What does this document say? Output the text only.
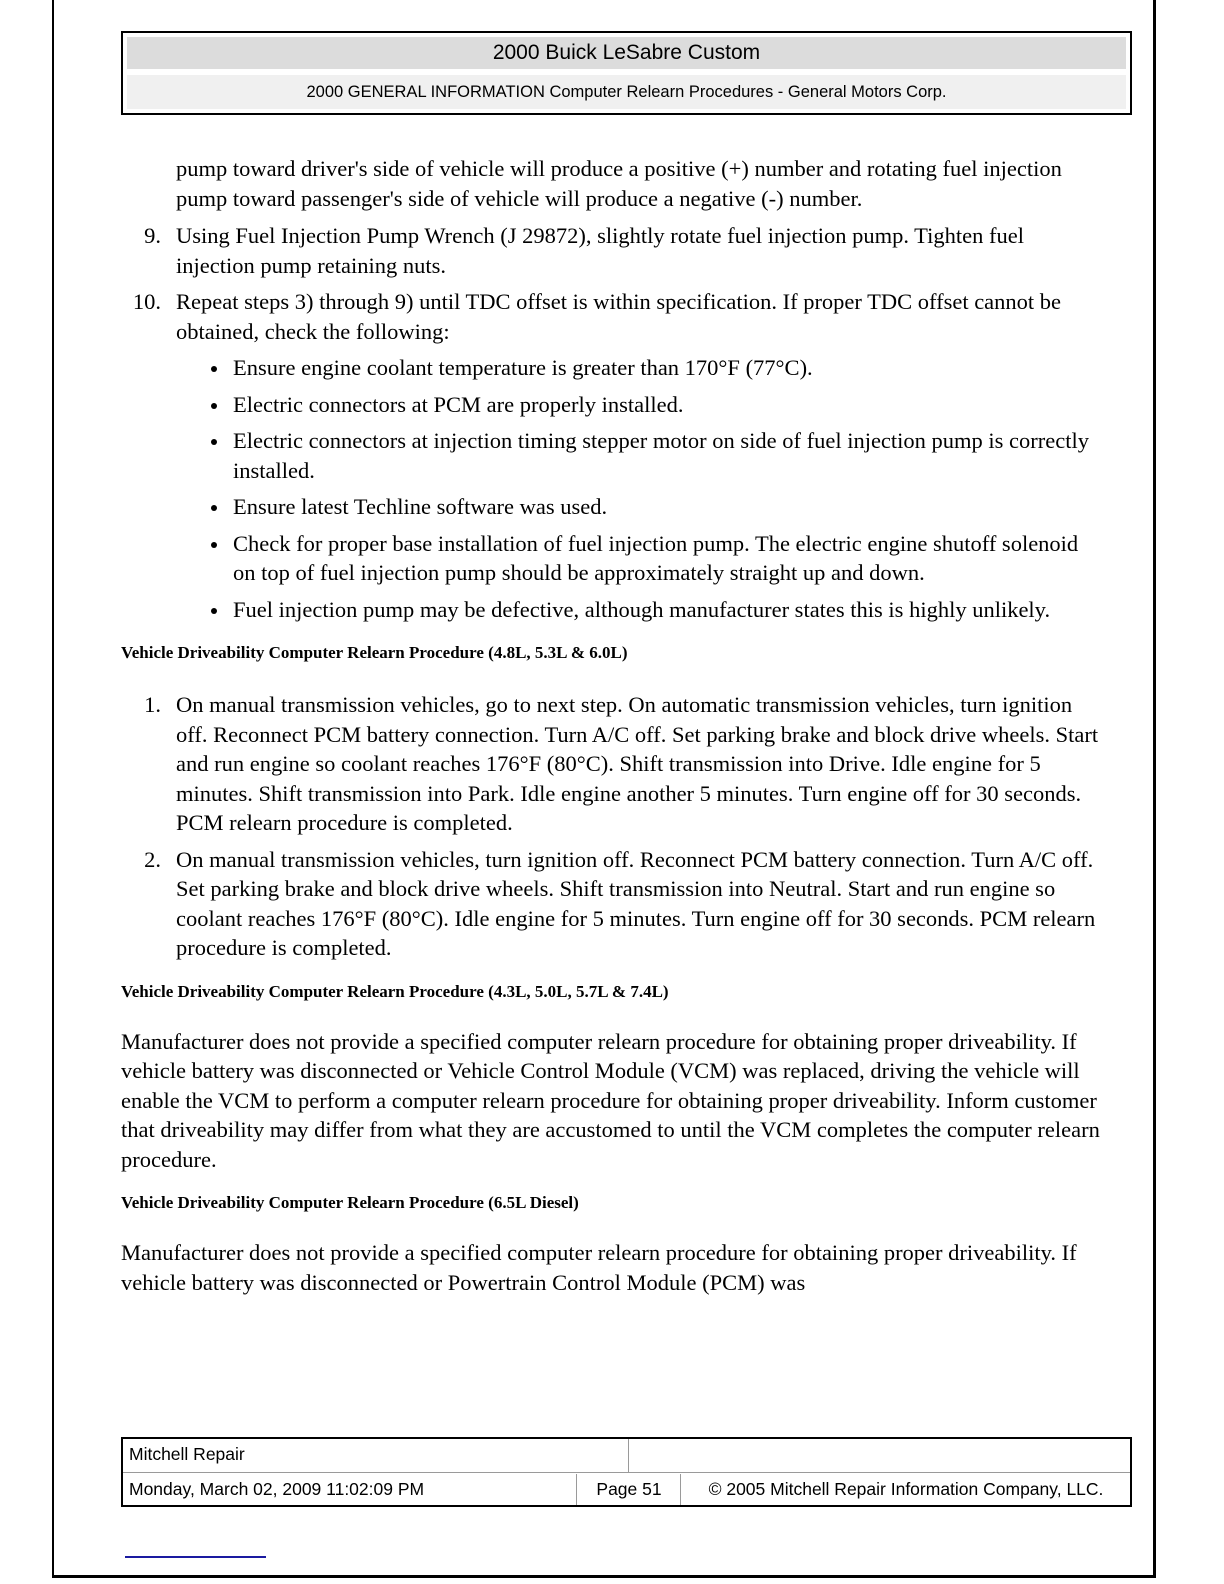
2000 Buick LeSabre Custom
2000 GENERAL INFORMATION Computer Relearn Procedures - General Motors Corp.

pump toward driver's side of vehicle will produce a positive (+) number and rotating fuel injection pump toward passenger's side of vehicle will produce a negative (-) number.

9. Using Fuel Injection Pump Wrench (J 29872), slightly rotate fuel injection pump. Tighten fuel injection pump retaining nuts.
10. Repeat steps 3) through 9) until TDC offset is within specification. If proper TDC offset cannot be obtained, check the following:
Ensure engine coolant temperature is greater than 170°F (77°C).
Electric connectors at PCM are properly installed.
Electric connectors at injection timing stepper motor on side of fuel injection pump is correctly installed.
Ensure latest Techline software was used.
Check for proper base installation of fuel injection pump. The electric engine shutoff solenoid on top of fuel injection pump should be approximately straight up and down.
Fuel injection pump may be defective, although manufacturer states this is highly unlikely.
Vehicle Driveability Computer Relearn Procedure (4.8L, 5.3L & 6.0L)
1. On manual transmission vehicles, go to next step. On automatic transmission vehicles, turn ignition off. Reconnect PCM battery connection. Turn A/C off. Set parking brake and block drive wheels. Start and run engine so coolant reaches 176°F (80°C). Shift transmission into Drive. Idle engine for 5 minutes. Shift transmission into Park. Idle engine another 5 minutes. Turn engine off for 30 seconds. PCM relearn procedure is completed.
2. On manual transmission vehicles, turn ignition off. Reconnect PCM battery connection. Turn A/C off. Set parking brake and block drive wheels. Shift transmission into Neutral. Start and run engine so coolant reaches 176°F (80°C). Idle engine for 5 minutes. Turn engine off for 30 seconds. PCM relearn procedure is completed.
Vehicle Driveability Computer Relearn Procedure (4.3L, 5.0L, 5.7L & 7.4L)

Manufacturer does not provide a specified computer relearn procedure for obtaining proper driveability. If vehicle battery was disconnected or Vehicle Control Module (VCM) was replaced, driving the vehicle will enable the VCM to perform a computer relearn procedure for obtaining proper driveability. Inform customer that driveability may differ from what they are accustomed to until the VCM completes the computer relearn procedure.

Vehicle Driveability Computer Relearn Procedure (6.5L Diesel)

Manufacturer does not provide a specified computer relearn procedure for obtaining proper driveability. If vehicle battery was disconnected or Powertrain Control Module (PCM) was

Mitchell Repair
Monday, March 02, 2009 11:02:09 PM	Page 51	© 2005 Mitchell Repair Information Company, LLC.
